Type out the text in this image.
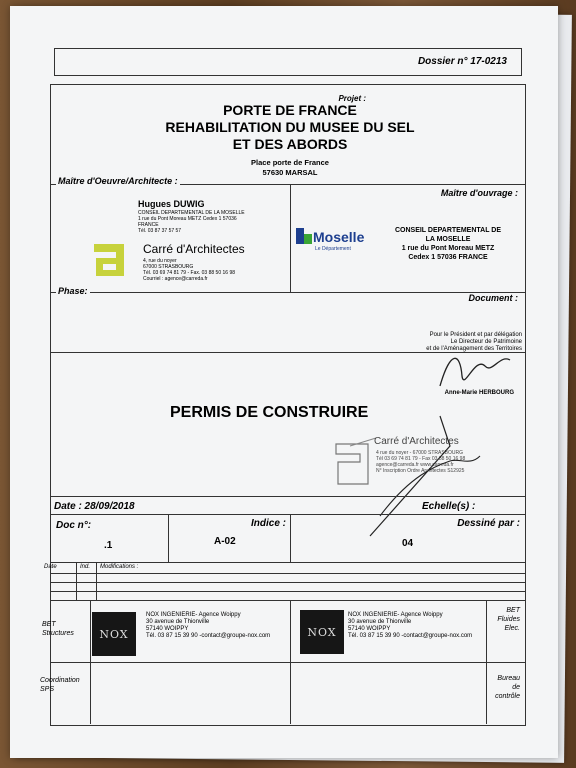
Dossier n° 17-0213
Projet :
PORTE DE FRANCE
REHABILITATION DU MUSEE DU SEL
ET DES ABORDS
Place porte de France
57630 MARSAL
Maître d'Oeuvre/Architecte :
Hugues DUWIG
CONSEIL DEPARTEMENTAL DE LA MOSELLE
1 rue du Pont Moreau METZ Cedex 1 57036
FRANCE
Tél. 03 87 37 57 57
Carré d'Architectes
4, rue du noyer
67000 STRASBOURG
Tél. 03 69 74 81 79 - Fax. 03 88 50 16 98
Courriel : agence@carreda.fr
Maître d'ouvrage :
Moselle
Le Département
CONSEIL DEPARTEMENTAL DE
LA MOSELLE
1 rue du Pont Moreau METZ
Cedex 1 57036 FRANCE
Phase:
Document :
Pour le Président et par délégation
Le Directeur de Patrimoine
et de l'Aménagement des Territoires
Anne-Marie HERBOURG
PERMIS DE CONSTRUIRE
Carré d'Architectes
4 rue du noyer - 67000 STRASBOURG
Tél 03 69 74 81 79 - Fax 03 88 50 16 98
agence@carreda.fr www.carreda.fr
N° Inscription Ordre Architectes S12925
Date : 28/09/2018	Echelle(s) :
Doc n°:	Indice :	Dessiné par :
.1	A-02	04
Date	Ind. Modifications :
BET
Structures	NOX
NOX INGENIERIE- Agence Woippy
30 avenue de Thionville
57140 WOIPPY
Tél. 03 87 15 39 90 -contact@groupe-nox.com	NOX
NOX INGENIERIE- Agence Woippy
30 avenue de Thionville
57140 WOIPPY
Tél. 03 87 15 39 90 -contact@groupe-nox.com
BET
Fluides
Elec.
Coordination
SPS
Bureau
de
contrôle
